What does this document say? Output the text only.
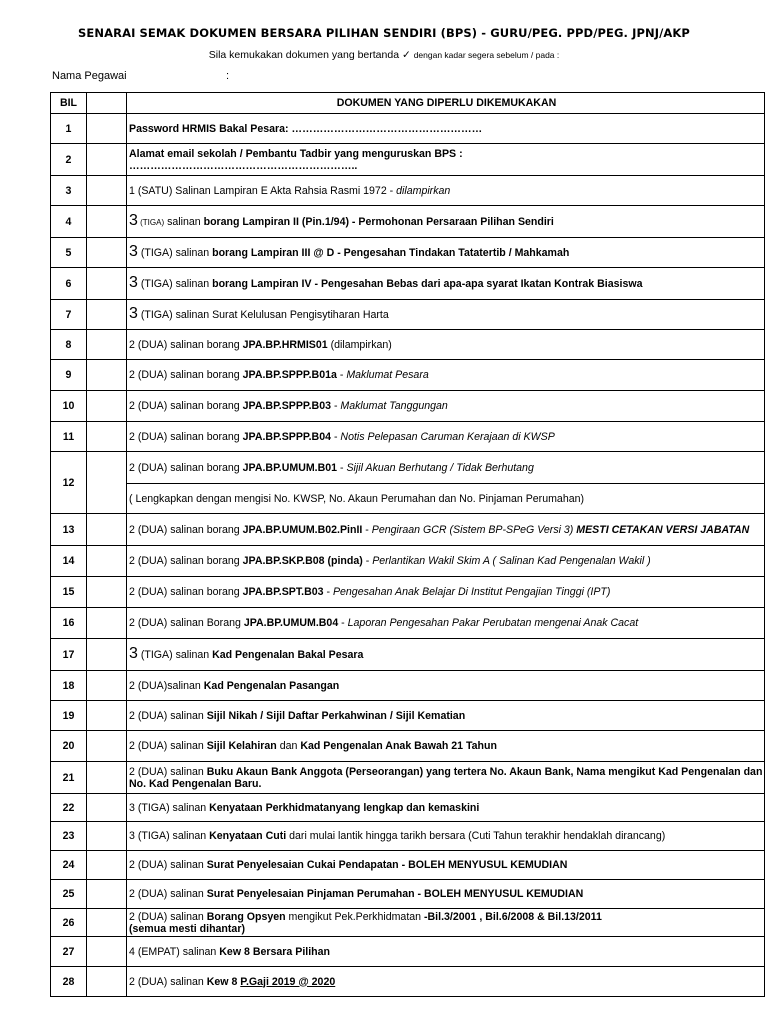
SENARAI SEMAK DOKUMEN BERSARA PILIHAN SENDIRI (BPS) - GURU/PEG. PPD/PEG. JPNJ/AKP
Sila kemukakan dokumen yang bertanda ✓ dengan kadar segera sebelum / pada :
Nama Pegawai	:
BIL		DOKUMEN YANG DIPERLU DIKEMUKAKAN
1		Password HRMIS Bakal Pesara: ………………………………………………
2		Alamat email sekolah / Pembantu Tadbir yang menguruskan BPS :
………………………………………………………..
3		1 (SATU) Salinan Lampiran E Akta Rahsia Rasmi 1972 - dilampirkan
4		3 (TIGA) salinan borang Lampiran II (Pin.1/94) - Permohonan Persaraan Pilihan Sendiri
5		3 (TIGA) salinan borang Lampiran III @ D - Pengesahan Tindakan Tatatertib / Mahkamah
6		3 (TIGA) salinan borang Lampiran IV - Pengesahan Bebas dari apa-apa syarat Ikatan Kontrak Biasiswa
7		3 (TIGA) salinan Surat Kelulusan Pengisytiharan Harta
8		2 (DUA) salinan borang JPA.BP.HRMIS01 (dilampirkan)
9		2 (DUA) salinan borang JPA.BP.SPPP.B01a - Maklumat Pesara
10		2 (DUA) salinan borang JPA.BP.SPPP.B03 - Maklumat Tanggungan
11		2 (DUA) salinan borang JPA.BP.SPPP.B04 - Notis Pelepasan Caruman Kerajaan di KWSP
12		2 (DUA) salinan borang JPA.BP.UMUM.B01 - Sijil Akuan Berhutang / Tidak Berhutang
		( Lengkapkan dengan mengisi No. KWSP, No. Akaun Perumahan dan No. Pinjaman Perumahan)
13		2 (DUA) salinan borang JPA.BP.UMUM.B02.PinII - Pengiraan GCR (Sistem BP-SPeG Versi 3) MESTI CETAKAN VERSI JABATAN
14		2 (DUA) salinan borang JPA.BP.SKP.B08 (pinda) - Perlantikan Wakil Skim A ( Salinan Kad Pengenalan Wakil )
15		2 (DUA) salinan borang JPA.BP.SPT.B03 - Pengesahan Anak Belajar Di Institut Pengajian Tinggi (IPT)
16		2 (DUA) salinan Borang JPA.BP.UMUM.B04 - Laporan Pengesahan Pakar Perubatan mengenai Anak Cacat
17		3 (TIGA) salinan Kad Pengenalan Bakal Pesara
18		2 (DUA)salinan Kad Pengenalan Pasangan
19		2 (DUA) salinan Sijil Nikah / Sijil Daftar Perkahwinan / Sijil Kematian
20		2 (DUA) salinan Sijil Kelahiran dan Kad Pengenalan Anak Bawah 21 Tahun
21		2 (DUA) salinan Buku Akaun Bank Anggota (Perseorangan) yang tertera No. Akaun Bank, Nama mengikut Kad Pengenalan dan No. Kad Pengenalan Baru.
22		3 (TIGA) salinan Kenyataan Perkhidmatanyang lengkap dan kemaskini
23		3 (TIGA) salinan Kenyataan Cuti dari mulai lantik hingga tarikh bersara (Cuti Tahun terakhir hendaklah dirancang)
24		2 (DUA) salinan Surat Penyelesaian Cukai Pendapatan - BOLEH MENYUSUL KEMUDIAN
25		2 (DUA) salinan Surat Penyelesaian Pinjaman Perumahan - BOLEH MENYUSUL KEMUDIAN
26		2 (DUA) salinan Borang Opsyen mengikut Pek.Perkhidmatan -Bil.3/2001 , Bil.6/2008 & Bil.13/2011
(semua mesti dihantar)
27		4 (EMPAT) salinan Kew 8 Bersara Pilihan
28		2 (DUA) salinan Kew 8 P.Gaji 2019 @ 2020
